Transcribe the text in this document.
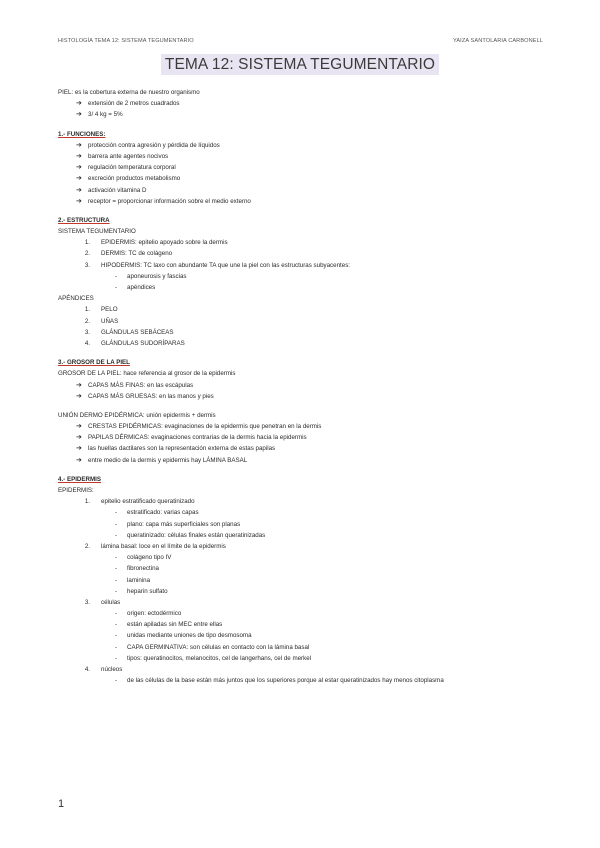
HISTOLOGÍA TEMA 12: SISTEMA TEGUMENTARIO	YAIZA SANTOLARIA CARBONELL
TEMA 12: SISTEMA TEGUMENTARIO
PIEL: es la cobertura externa de nuestro organismo
➔ extensión de 2 metros cuadrados
➔ 3/ 4 kg = 5%
1.- FUNCIONES:
➔ protección contra agresión y pérdida de líquidos
➔ barrera ante agentes nocivos
➔ regulación temperatura corporal
➔ excreción productos metabolismo
➔ activación vitamina D
➔ receptor = proporcionar información sobre el medio externo
2.- ESTRUCTURA
SISTEMA TEGUMENTARIO
1. EPIDERMIS: epitelio apoyado sobre la dermis
2. DERMIS: TC de colágeno
3. HIPODERMIS: TC laxo con abundante TA que une la piel con las estructuras subyacentes:
- aponeurosis y fascias
- apéndices
APÉNDICES
1. PELO
2. UÑAS
3. GLÁNDULAS SEBÁCEAS
4. GLÁNDULAS SUDORÍPARAS
3.- GROSOR DE LA PIEL
GROSOR DE LA PIEL: hace referencia al grosor de la epidermis
➔ CAPAS MÁS FINAS: en las escápulas
➔ CAPAS MÁS GRUESAS: en las manos y pies
UNIÓN DERMO EPIDÉRMICA: unión epidermis + dermis
➔ CRESTAS EPIDÉRMICAS: evaginaciones de la epidermis que penetran en la dermis
➔ PAPILAS DÉRMICAS: evaginaciones contrarias de la dermis hacia la epidermis
➔ las huellas dactilares son la representación externa de estas papilas
➔ entre medio de la dermis y epidermis hay LÁMINA BASAL
4.- EPIDERMIS
EPIDERMIS:
1. epitelio estratificado queratinizado
- estratificado: varias capas
- plano: capa más superficiales son planas
- queratinizado: células finales están queratinizadas
2. lámina basal: loce en el límite de la epidermis
- colágeno tipo IV
- fibronectina
- laminina
- heparin sulfato
3. células
- origen: ectodérmico
- están apiladas sin MEC entre ellas
- unidas mediante uniones de tipo desmosoma
- CAPA GERMINATIVA: son células en contacto con la lámina basal
- tipos: queratinocitos, melanocitos, cel de langerhans, cel de merkel
4. núcleos
- de las células de la base están más juntos que los superiores porque al estar queratinizados hay menos citoplasma
1
